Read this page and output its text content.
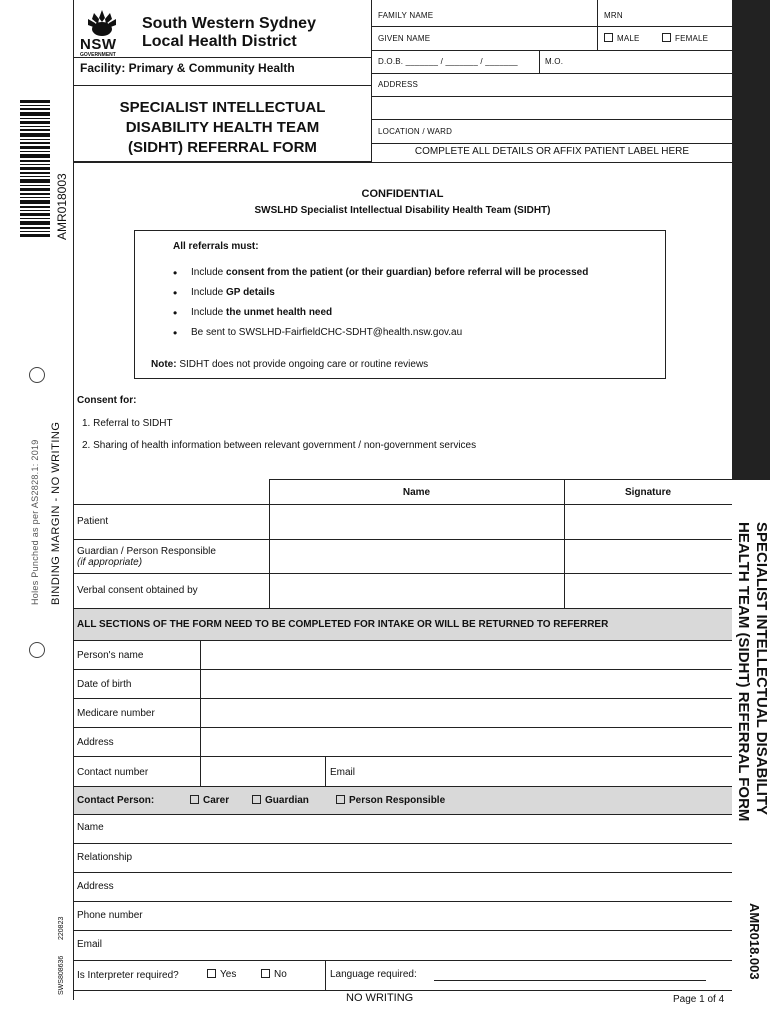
NSW
GOVERNMENT
South Western Sydney
Local Health District
Facility: Primary & Community Health
SPECIALIST INTELLECTUAL
DISABILITY HEALTH TEAM
(SIDHT) REFERRAL FORM
FAMILY NAME	MRN
GIVEN NAME	MALE	FEMALE
D.O.B. _______ / _______ / _______	M.O.
ADDRESS
LOCATION / WARD
COMPLETE ALL DETAILS OR AFFIX PATIENT LABEL HERE
AMR018003
BINDING MARGIN - NO WRITING
Holes Punched as per AS2828.1: 2019
SWS808636
220823
SPECIALIST INTELLECTUAL DISABILITY
HEALTH TEAM (SIDHT) REFERRAL FORM
AMR018.003
CONFIDENTIAL
SWSLHD Specialist Intellectual Disability Health Team (SIDHT)
All referrals must:
• Include consent from the patient (or their guardian) before referral will be processed
• Include GP details
• Include the unmet health need
• Be sent to SWSLHD-FairfieldCHC-SDHT@health.nsw.gov.au
Note: SIDHT does not provide ongoing care or routine reviews
Consent for:
1. Referral to SIDHT
2. Sharing of health information between relevant government / non-government services
Name	Signature
Patient
Guardian / Person Responsible
(if appropriate)
Verbal consent obtained by
ALL SECTIONS OF THE FORM NEED TO BE COMPLETED FOR INTAKE OR WILL BE RETURNED TO REFERRER
Person's name
Date of birth
Medicare number
Address
Contact number	Email
Contact Person:	Carer	Guardian	Person Responsible
Name
Relationship
Address
Phone number
Email
Is Interpreter required?	Yes	No	Language required:
NO WRITING	Page 1 of 4
